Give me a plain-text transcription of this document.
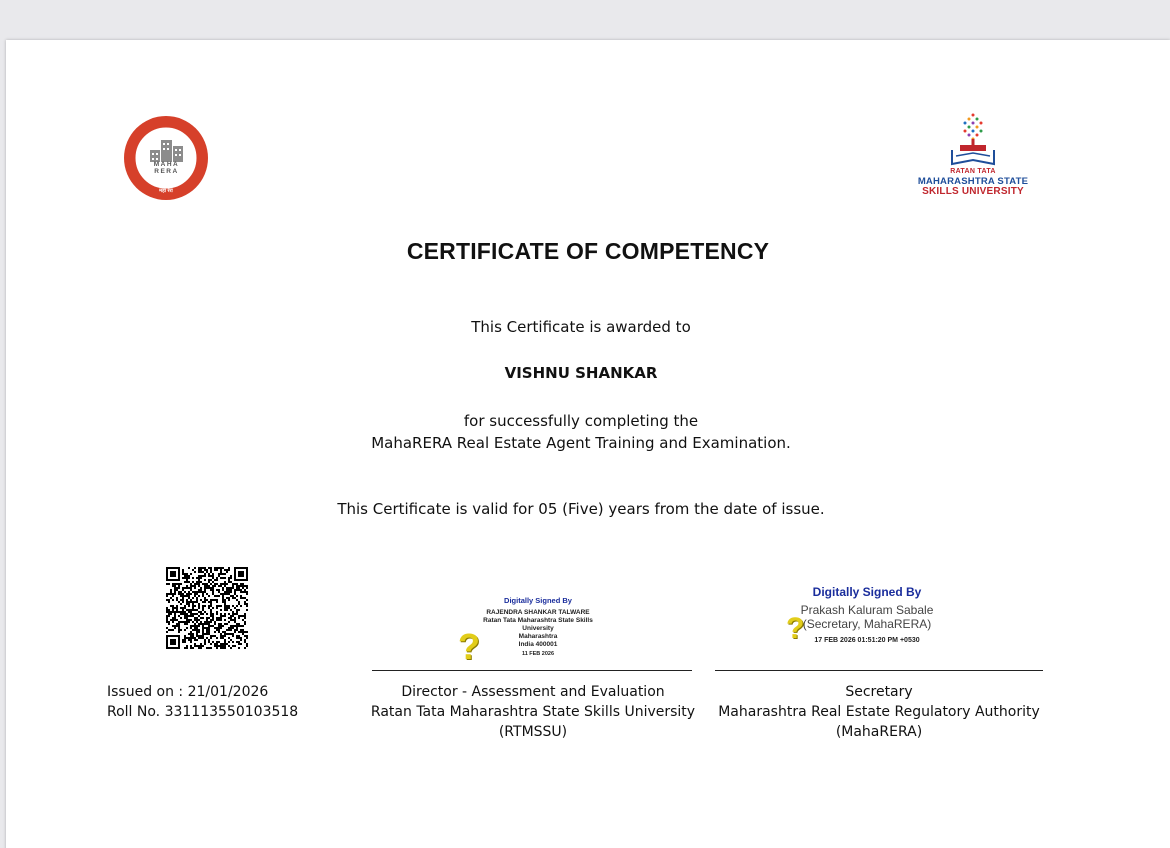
MAHA RERA
महा रेरा
RATAN TATA
MAHARASHTRA STATE
SKILLS UNIVERSITY
CERTIFICATE OF COMPETENCY
This Certificate is awarded to
VISHNU SHANKAR
for successfully completing the
MahaRERA Real Estate Agent Training and Examination.
This Certificate is valid for 05 (Five) years from the date of issue.
Digitally Signed By
RAJENDRA SHANKAR TALWARE
Ratan Tata Maharashtra State Skills
University
Maharashtra
India 400001
11 FEB 2026
?
Digitally Signed By
Prakash Kaluram Sabale
(Secretary, MahaRERA)
17 FEB 2026 01:51:20 PM +0530
?
Issued on : 21/01/2026
Roll No. 331113550103518
Director - Assessment and Evaluation
Ratan Tata Maharashtra State Skills University
(RTMSSU)
Secretary
Maharashtra Real Estate Regulatory Authority
(MahaRERA)
